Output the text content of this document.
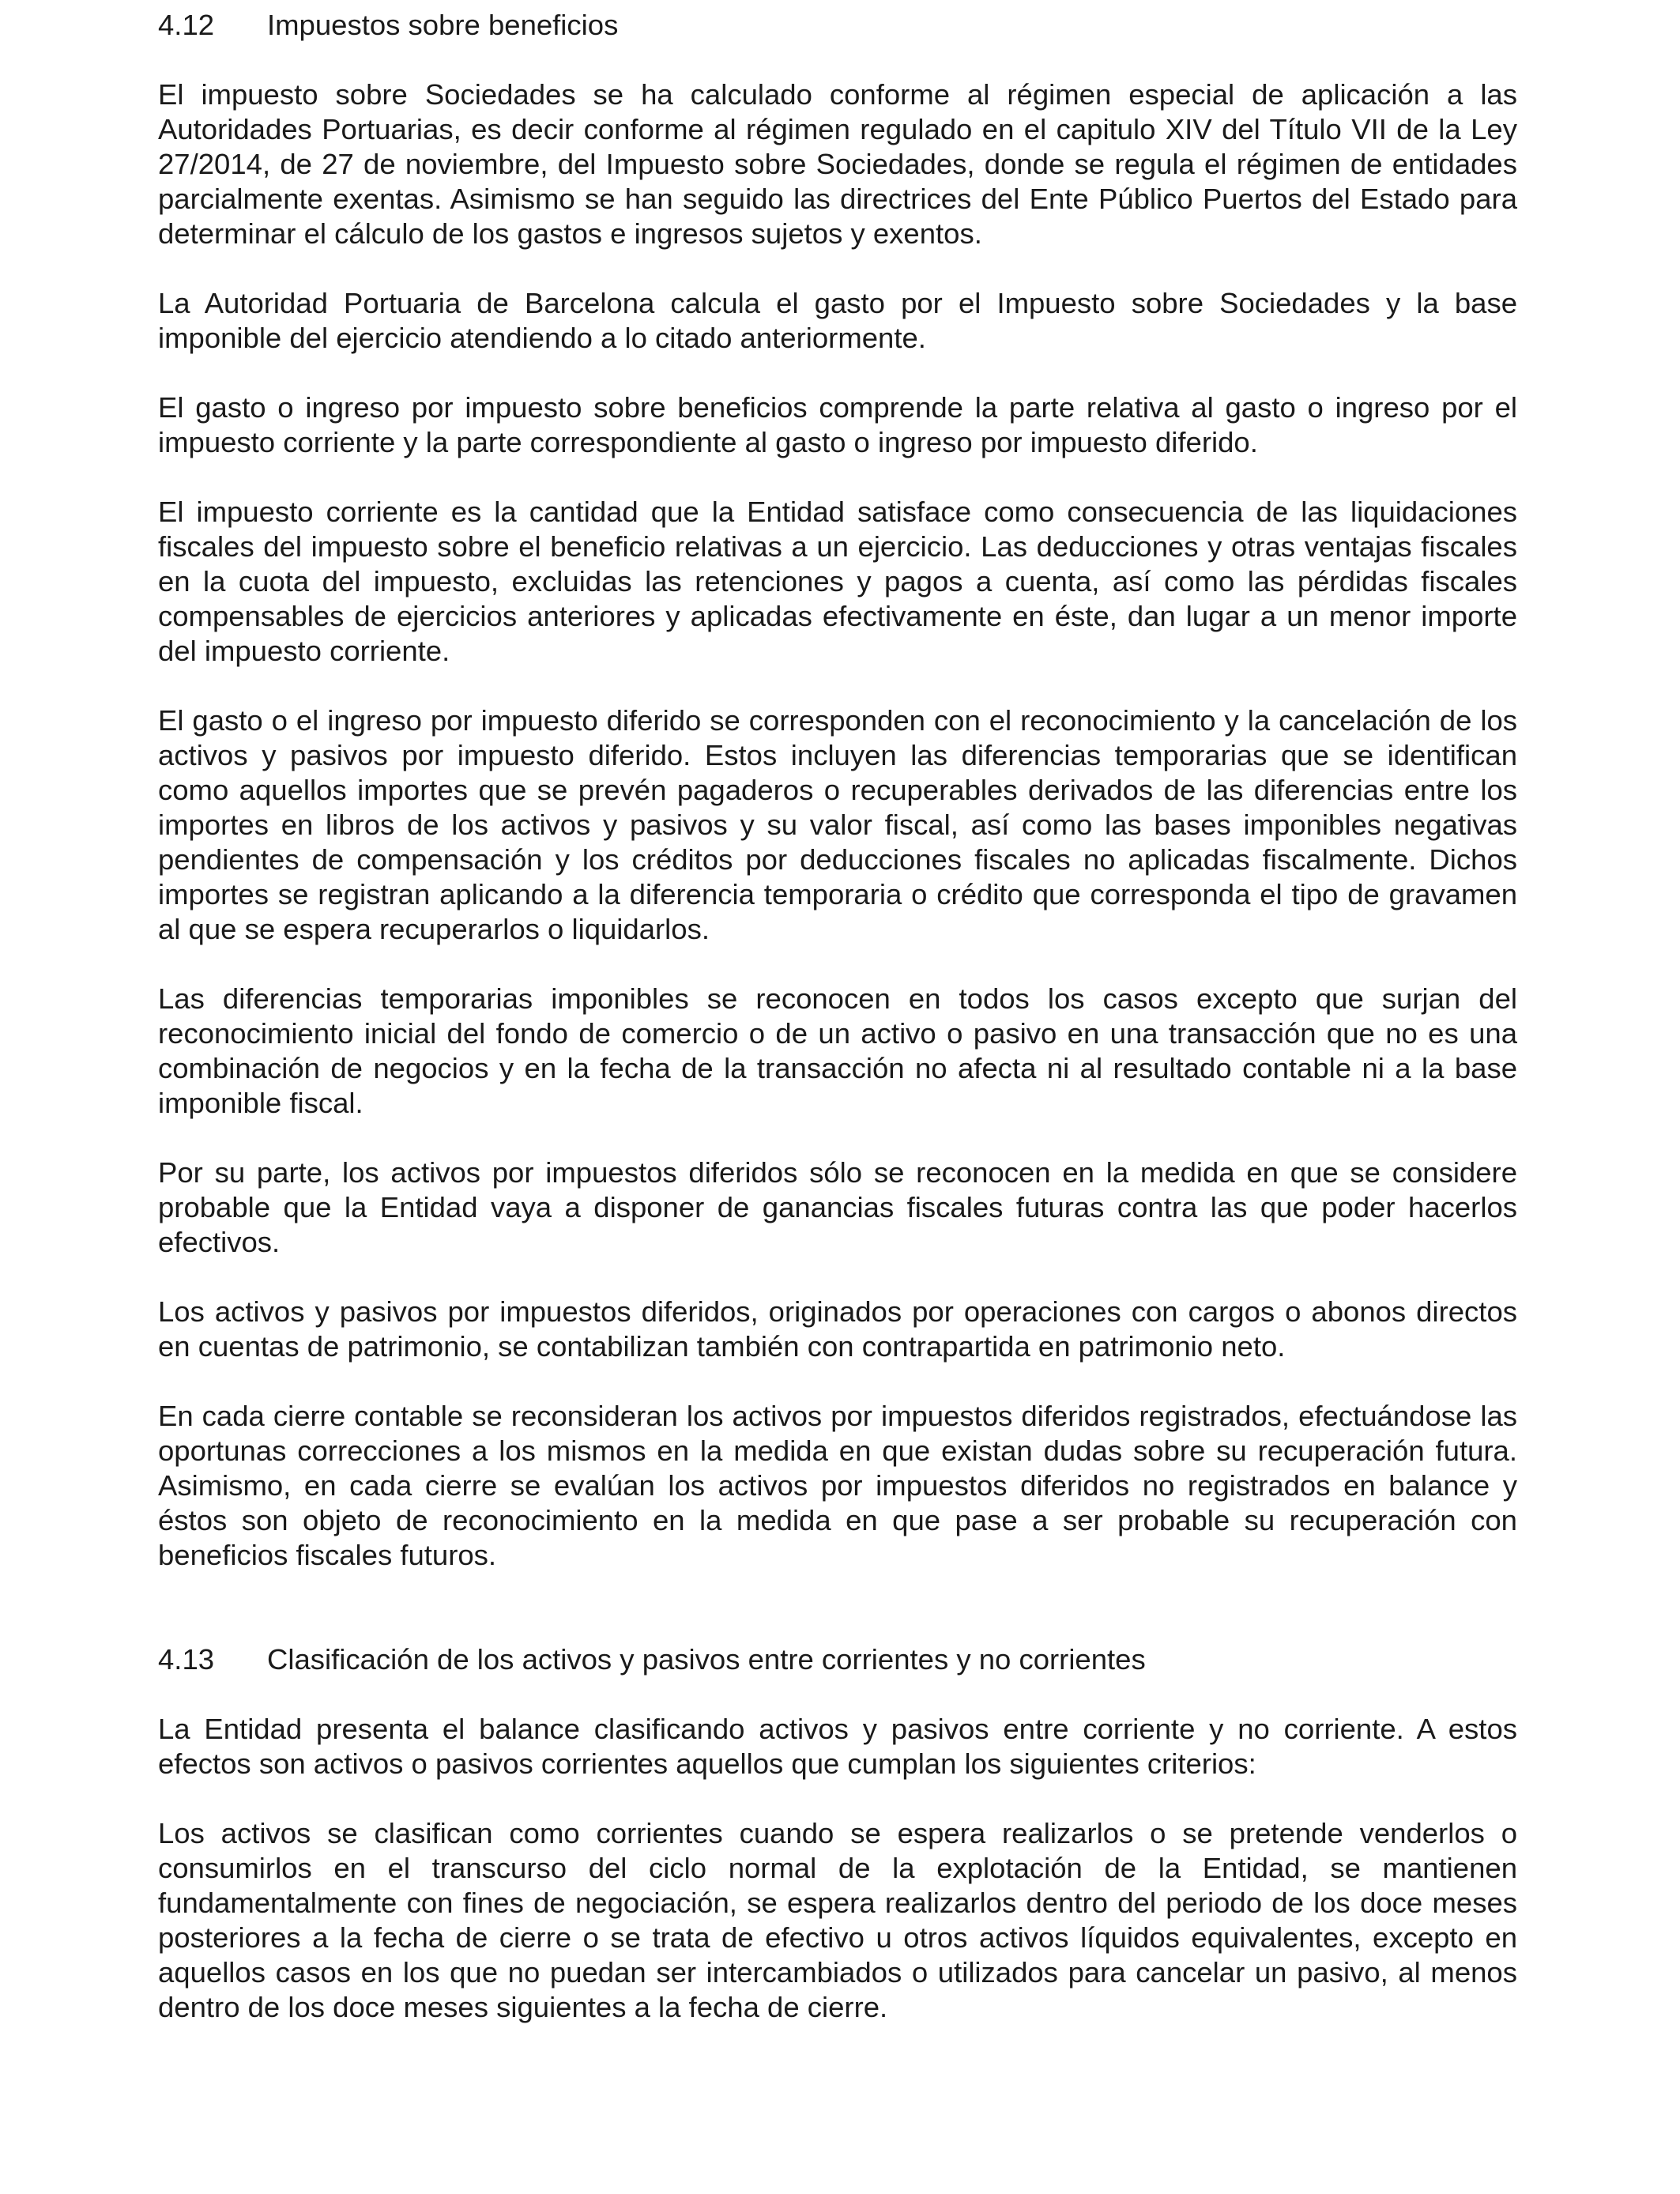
4.12	Impuestos sobre beneficios

El impuesto sobre Sociedades se ha calculado conforme al régimen especial de aplicación a las Autoridades Portuarias, es decir conforme al régimen regulado en el capitulo XIV del Título VII de la Ley 27/2014, de 27 de noviembre, del Impuesto sobre Sociedades, donde se regula el régimen de entidades parcialmente exentas. Asimismo se han seguido las directrices del Ente Público Puertos del Estado para determinar el cálculo de los gastos e ingresos sujetos y exentos.

La Autoridad Portuaria de Barcelona calcula el gasto por el Impuesto sobre Sociedades y la base imponible del ejercicio atendiendo a lo citado anteriormente.

El gasto o ingreso por impuesto sobre beneficios comprende la parte relativa al gasto o ingreso por el impuesto corriente y la parte correspondiente al gasto o ingreso por impuesto diferido.

El impuesto corriente es la cantidad que la Entidad satisface como consecuencia de las liquidaciones fiscales del impuesto sobre el beneficio relativas a un ejercicio. Las deducciones y otras ventajas fiscales en la cuota del impuesto, excluidas las retenciones y pagos a cuenta, así como las pérdidas fiscales compensables de ejercicios anteriores y aplicadas efectivamente en éste, dan lugar a un menor importe del impuesto corriente.

El gasto o el ingreso por impuesto diferido se corresponden con el reconocimiento y la cancelación de los activos y pasivos por impuesto diferido. Estos incluyen las diferencias temporarias que se identifican como aquellos importes que se prevén pagaderos o recuperables derivados de las diferencias entre los importes en libros de los activos y pasivos y su valor fiscal, así como las bases imponibles negativas pendientes de compensación y los créditos por deducciones fiscales no aplicadas fiscalmente. Dichos importes se registran aplicando a la diferencia temporaria o crédito que corresponda el tipo de gravamen al que se espera recuperarlos o liquidarlos.

Las diferencias temporarias imponibles se reconocen en todos los casos excepto que surjan del reconocimiento inicial del fondo de comercio o de un activo o pasivo en una transacción que no es una combinación de negocios y en la fecha de la transacción no afecta ni al resultado contable ni a la base imponible fiscal.

Por su parte, los activos por impuestos diferidos sólo se reconocen en la medida en que se considere probable que la Entidad vaya a disponer de ganancias fiscales futuras contra las que poder hacerlos efectivos.

Los activos y pasivos por impuestos diferidos, originados por operaciones con cargos o abonos directos en cuentas de patrimonio, se contabilizan también con contrapartida en patrimonio neto.

En cada cierre contable se reconsideran los activos por impuestos diferidos registrados, efectuándose las oportunas correcciones a los mismos en la medida en que existan dudas sobre su recuperación futura. Asimismo, en cada cierre se evalúan los activos por impuestos diferidos no registrados en balance y éstos son objeto de reconocimiento en la medida en que pase a ser probable su recuperación con beneficios fiscales futuros.

4.13	Clasificación de los activos y pasivos entre corrientes y no corrientes

La Entidad presenta el balance clasificando activos y pasivos entre corriente y no corriente. A estos efectos son activos o pasivos corrientes aquellos que cumplan los siguientes criterios:

Los activos se clasifican como corrientes cuando se espera realizarlos o se pretende venderlos o consumirlos en el transcurso del ciclo normal de la explotación de la Entidad, se mantienen fundamentalmente con fines de negociación, se espera realizarlos dentro del periodo de los doce meses posteriores a la fecha de cierre o se trata de efectivo u otros activos líquidos equivalentes, excepto en aquellos casos en los que no puedan ser intercambiados o utilizados para cancelar un pasivo, al menos dentro de los doce meses siguientes a la fecha de cierre.
